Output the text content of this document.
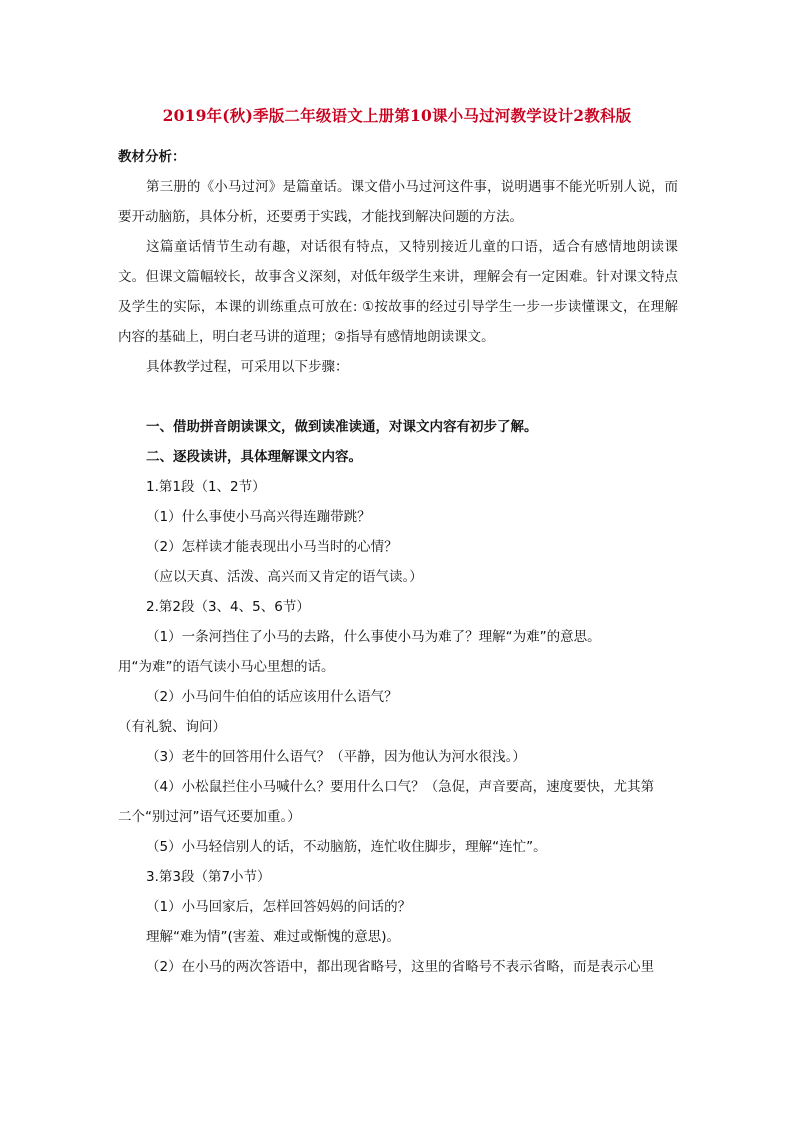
2019年(秋)季版二年级语文上册第10课小马过河教学设计2教科版
教材分析：

第三册的《小马过河》是篇童话。课文借小马过河这件事，说明遇事不能光听别人说，而要开动脑筋，具体分析，还要勇于实践，才能找到解决问题的方法。

这篇童话情节生动有趣，对话很有特点，又特别接近儿童的口语，适合有感情地朗读课文。但课文篇幅较长，故事含义深刻，对低年级学生来讲，理解会有一定困难。针对课文特点及学生的实际，本课的训练重点可放在: ①按故事的经过引导学生一步一步读懂课文，在理解内容的基础上，明白老马讲的道理；②指导有感情地朗读课文。

具体教学过程，可采用以下步骤：

一、借助拼音朗读课文，做到读准读通，对课文内容有初步了解。
二、逐段读讲，具体理解课文内容。
1.第1段（1、2节）
（1）什么事使小马高兴得连蹦带跳？
（2）怎样读才能表现出小马当时的心情？
（应以天真、活泼、高兴而又肯定的语气读。）
2.第2段（3、4、5、6节）
（1）一条河挡住了小马的去路，什么事使小马为难了？理解“为难”的意思。
用“为难”的语气读小马心里想的话。
（2）小马问牛伯伯的话应该用什么语气？
（有礼貌、询问）
（3）老牛的回答用什么语气？（平静，因为他认为河水很浅。）
（4）小松鼠拦住小马喊什么？要用什么口气？（急促，声音要高，速度要快，尤其第
二个“别过河”语气还要加重。）
（5）小马轻信别人的话，不动脑筋，连忙收住脚步，理解“连忙”。
3.第3段（第7小节）
（1）小马回家后，怎样回答妈妈的问话的？
理解“难为情”(害羞、难过或惭愧的意思)。
（2）在小马的两次答语中，都出现省略号，这里的省略号不表示省略，而是表示心里
